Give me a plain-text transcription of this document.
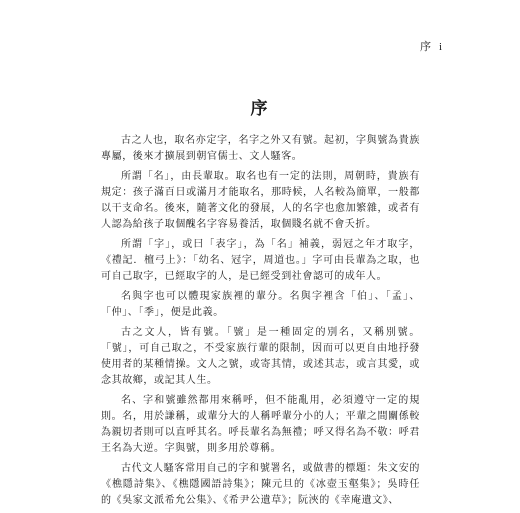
序 i
序

古之人也，取名亦定字，名字之外又有號。起初，字與號為貴族專屬，後來才擴展到朝官儒士、文人騷客。

所謂「名」，由長輩取。取名也有一定的法則，周朝時，貴族有規定：孩子滿百日或滿月才能取名，那時候，人名較為簡單，一般都以干支命名。後來，隨著文化的發展，人的名字也愈加繁雜，或者有人認為給孩子取個醜名字容易養活，取個賤名就不會夭折。

所謂「字」，或曰「表字」，為「名」補義，弱冠之年才取字，《禮記．檀弓上》：「幼名、冠字，周道也。」字可由長輩為之取，也可自己取字，已經取字的人，是已經受到社會認可的成年人。

名與字也可以體現家族裡的輩分。名與字裡含「伯」、「孟」、「仲」、「季」，便是此義。

古之文人，皆有號。「號」是一種固定的別名，又稱別號。「號」，可自己取之，不受家族行輩的限制，因而可以更自由地抒發使用者的某種情操。文人之號，或寄其情，或述其志，或言其愛，或念其故鄉，或記其人生。

名、字和號雖然都用來稱呼，但不能亂用，必須遵守一定的規則。名，用於謙稱，或輩分大的人稱呼輩分小的人；平輩之間關係較為親切者則可以直呼其名。呼長輩名為無禮；呼又得名為不敬：呼君王名為大逆。字與號，則多用於尊稱。

古代文人騷客常用自己的字和號署名，或做書的標題：朱文安的《樵隱詩集》、《樵隱國語詩集》；陳元旦的《冰壺玉壑集》；吳時任的《吳家文派希允公集》、《希尹公遺草》；阮浹的《幸庵遺文》、
